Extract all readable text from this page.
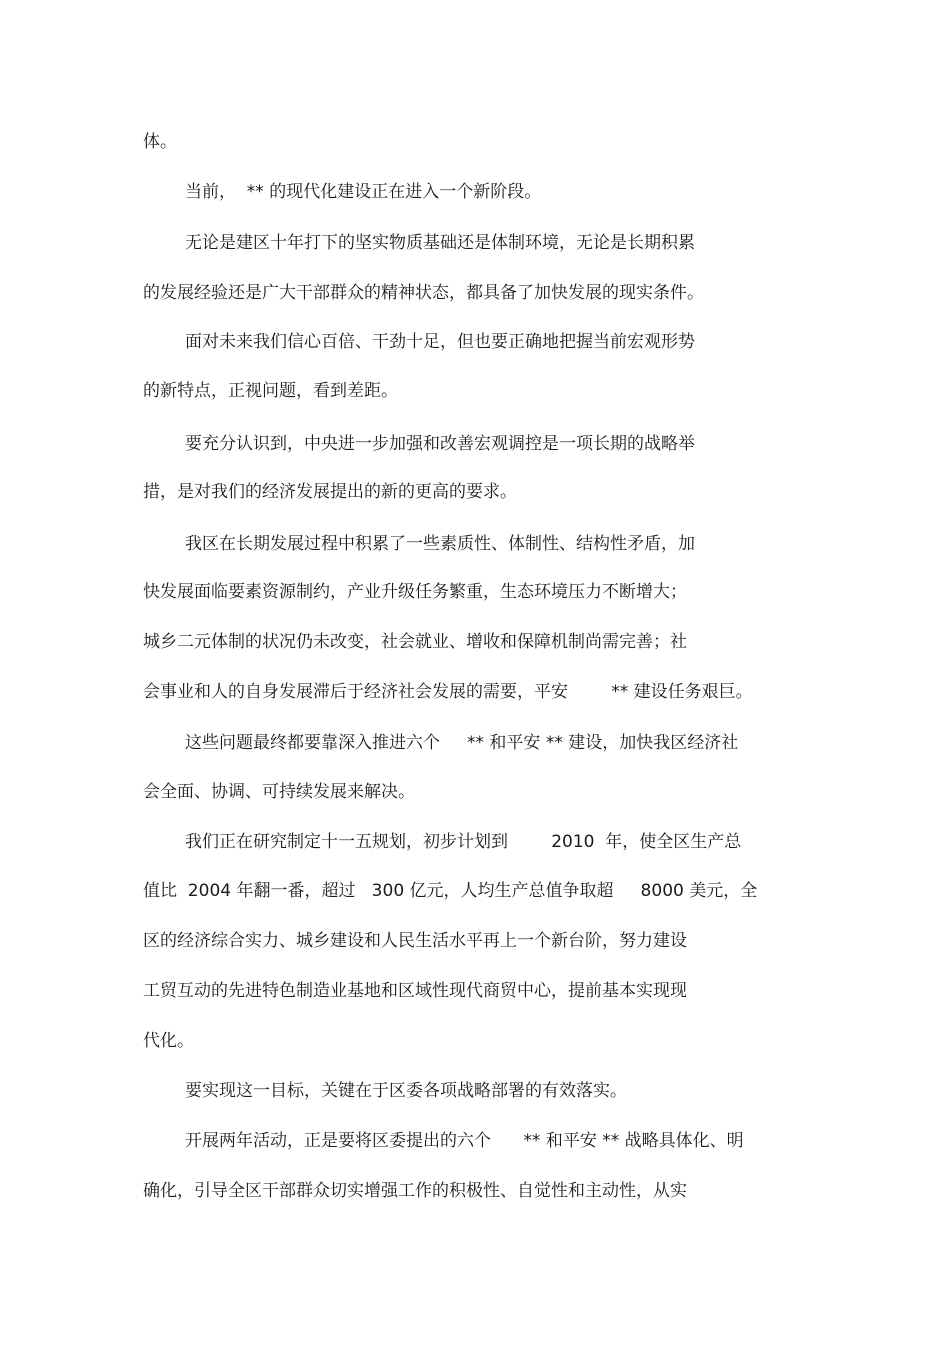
体。

当前，  ** 的现代化建设正在进入一个新阶段。

无论是建区十年打下的坚实物质基础还是体制环境，无论是长期积累

的发展经验还是广大干部群众的精神状态，都具备了加快发展的现实条件。

面对未来我们信心百倍、干劲十足，但也要正确地把握当前宏观形势

的新特点，正视问题，看到差距。

要充分认识到，中央进一步加强和改善宏观调控是一项长期的战略举

措，是对我们的经济发展提出的新的更高的要求。

我区在长期发展过程中积累了一些素质性、体制性、结构性矛盾，加

快发展面临要素资源制约，产业升级任务繁重，生态环境压力不断增大；

城乡二元体制的状况仍未改变，社会就业、增收和保障机制尚需完善；社

会事业和人的自身发展滞后于经济社会发展的需要，平安        ** 建设任务艰巨。

这些问题最终都要靠深入推进六个     ** 和平安 ** 建设，加快我区经济社

会全面、协调、可持续发展来解决。

我们正在研究制定十一五规划，初步计划到        2010  年，使全区生产总

值比  2004 年翻一番，超过   300 亿元，人均生产总值争取超     8000 美元，全

区的经济综合实力、城乡建设和人民生活水平再上一个新台阶，努力建设

工贸互动的先进特色制造业基地和区域性现代商贸中心，提前基本实现现

代化。

要实现这一目标，关键在于区委各项战略部署的有效落实。

开展两年活动，正是要将区委提出的六个      ** 和平安 ** 战略具体化、明

确化，引导全区干部群众切实增强工作的积极性、自觉性和主动性，从实
